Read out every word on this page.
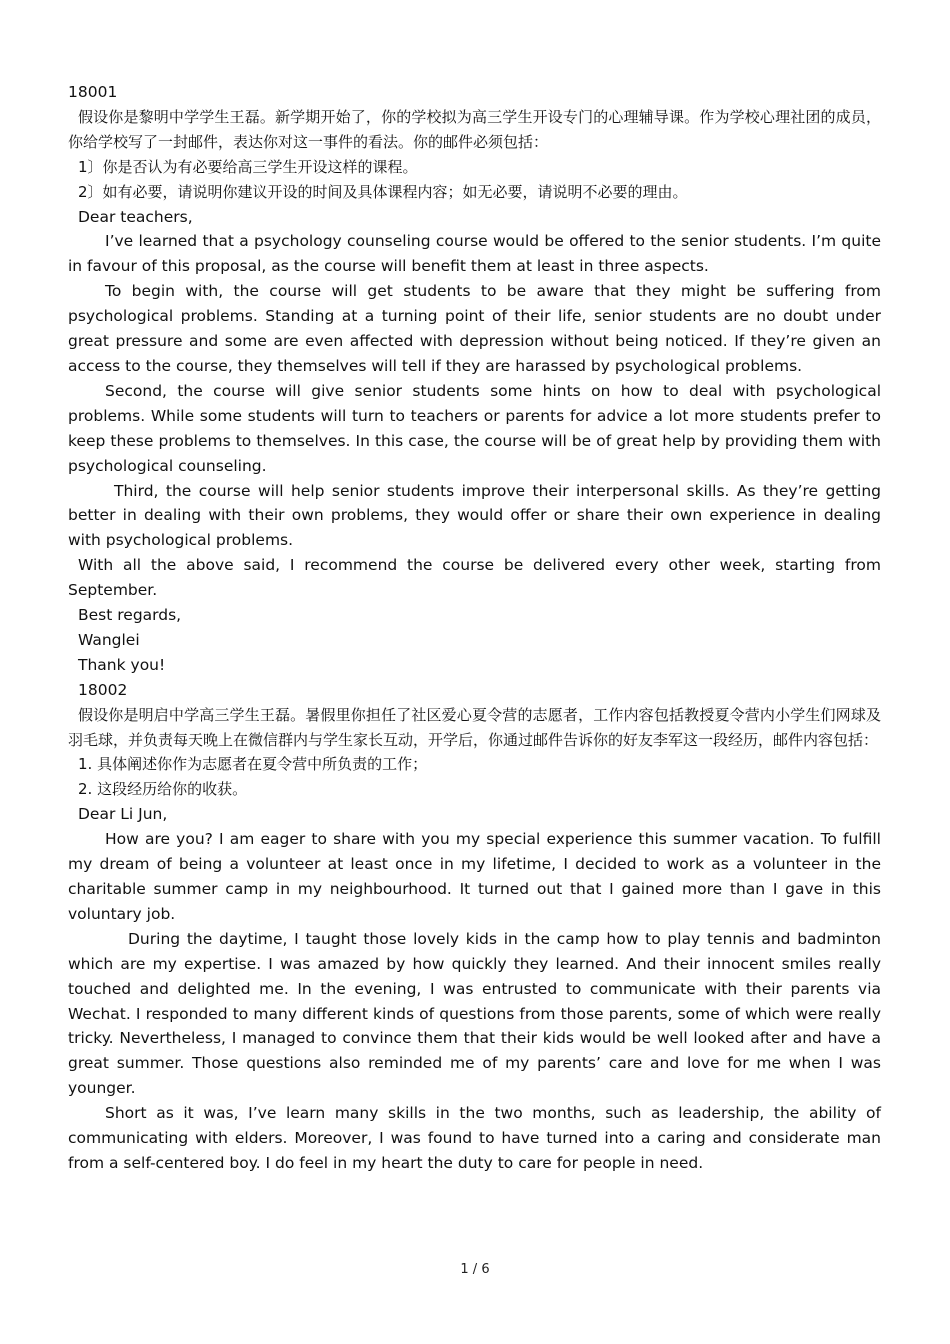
18001

假设你是黎明中学学生王磊。新学期开始了，你的学校拟为高三学生开设专门的心理辅导课。作为学校心理社团的成员，你给学校写了一封邮件，表达你对这一事件的看法。你的邮件必须包括：

1〕你是否认为有必要给高三学生开设这样的课程。

2〕如有必要，请说明你建议开设的时间及具体课程内容；如无必要，请说明不必要的理由。

Dear teachers,

I’ve learned that a psychology counseling course would be offered to the senior students. I’m quite in favour of this proposal, as the course will benefit them at least in three aspects.

To begin with, the course will get students to be aware that they might be suffering from psychological problems. Standing at a turning point of their life, senior students are no doubt under great pressure and some are even affected with depression without being noticed. If they’re given an access to the course, they themselves will tell if they are harassed by psychological problems.

Second, the course will give senior students some hints on how to deal with psychological problems. While some students will turn to teachers or parents for advice a lot more students prefer to keep these problems to themselves. In this case, the course will be of great help by providing them with psychological counseling.

Third, the course will help senior students improve their interpersonal skills. As they’re getting better in dealing with their own problems, they would offer or share their own experience in dealing with psychological problems.

With all the above said, I recommend the course be delivered every other week, starting from September.

Best regards,

Wanglei

Thank you!

18002

假设你是明启中学高三学生王磊。暑假里你担任了社区爱心夏令营的志愿者，工作内容包括教授夏令营内小学生们网球及羽毛球，并负责每天晚上在微信群内与学生家长互动，开学后，你通过邮件告诉你的好友李军这一段经历，邮件内容包括：

1. 具体阐述你作为志愿者在夏令营中所负责的工作；

2. 这段经历给你的收获。

Dear Li Jun,

How are you? I am eager to share with you my special experience this summer vacation. To fulfill my dream of being a volunteer at least once in my lifetime, I decided to work as a volunteer in the charitable summer camp in my neighbourhood. It turned out that I gained more than I gave in this voluntary job.

During the daytime, I taught those lovely kids in the camp how to play tennis and badminton which are my expertise. I was amazed by how quickly they learned. And their innocent smiles really touched and delighted me. In the evening, I was entrusted to communicate with their parents via Wechat. I responded to many different kinds of questions from those parents, some of which were really tricky. Nevertheless, I managed to convince them that their kids would be well looked after and have a great summer. Those questions also reminded me of my parents’ care and love for me when I was younger.

Short as it was, I’ve learn many skills in the two months, such as leadership, the ability of communicating with elders. Moreover, I was found to have turned into a caring and considerate man from a self-centered boy. I do feel in my heart the duty to care for people in need.

1 / 6
